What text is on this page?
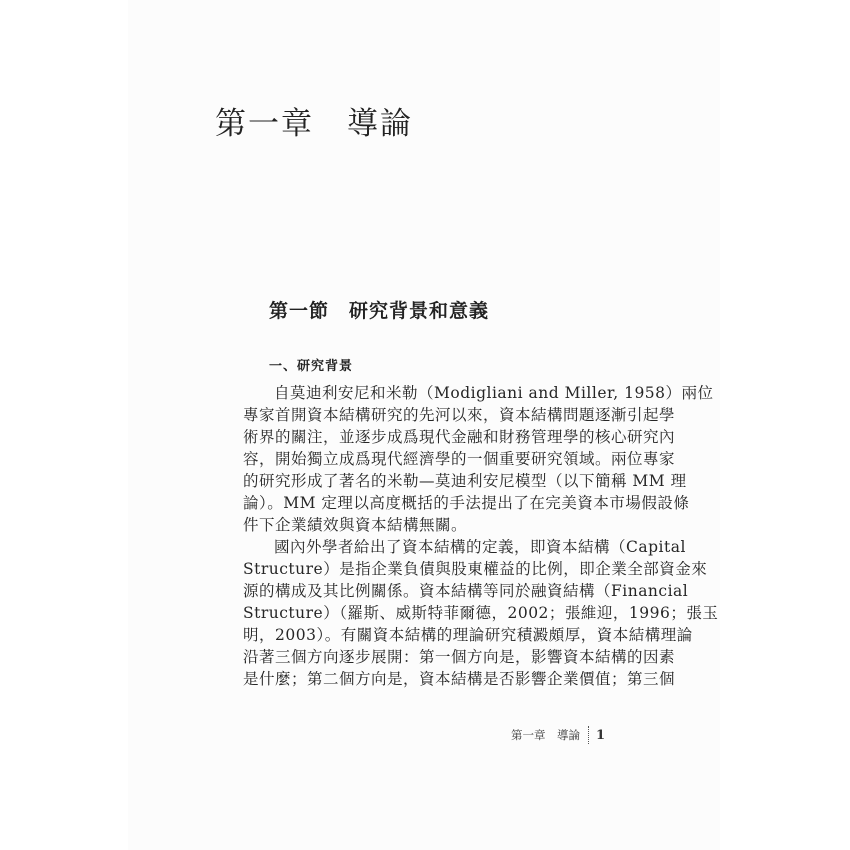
第一章　導論
第一節　研究背景和意義
一、研究背景
自莫迪利安尼和米勒（Modigliani and Miller, 1958）兩位
專家首開資本結構研究的先河以來，資本結構問題逐漸引起學
術界的關注，並逐步成爲現代金融和財務管理學的核心研究內
容，開始獨立成爲現代經濟學的一個重要研究領域。兩位專家
的研究形成了著名的米勒—莫迪利安尼模型（以下簡稱 MM 理
論）。MM 定理以高度概括的手法提出了在完美資本市場假設條
件下企業績效與資本結構無關。
國內外學者給出了資本結構的定義，即資本結構（Capital
Structure）是指企業負債與股東權益的比例，即企業全部資金來
源的構成及其比例關係。資本結構等同於融資結構（Financial
Structure）（羅斯、威斯特菲爾德，2002；張維迎，1996；張玉
明，2003）。有關資本結構的理論研究積澱頗厚，資本結構理論
沿著三個方向逐步展開：第一個方向是，影響資本結構的因素
是什麼；第二個方向是，資本結構是否影響企業價值；第三個
第一章　導論 1
